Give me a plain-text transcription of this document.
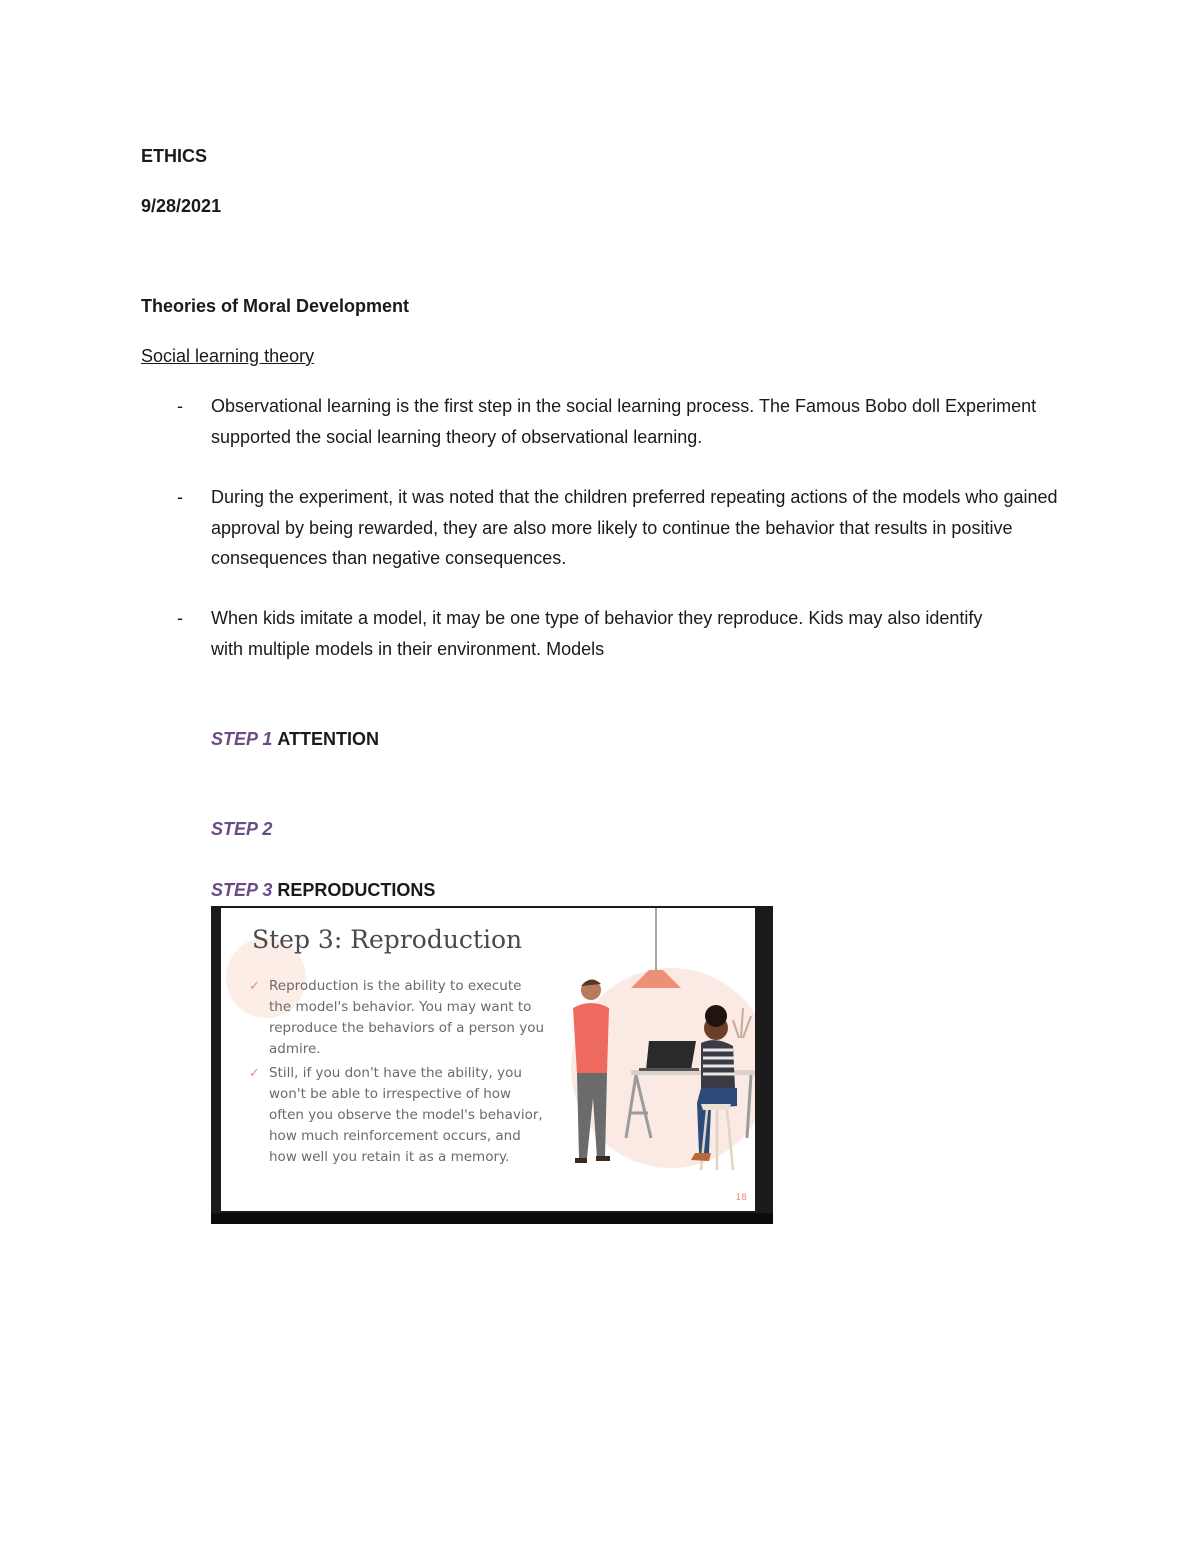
ETHICS
9/28/2021
Theories of Moral Development
Social learning theory
- Observational learning is the first step in the social learning process. The Famous Bobo doll Experiment supported the social learning theory of observational learning.
- During the experiment, it was noted that the children preferred repeating actions of the models who gained approval by being rewarded, they are also more likely to continue the behavior that results in positive consequences than negative consequences.
- When kids imitate a model, it may be one type of behavior they reproduce. Kids may also identify with multiple models in their environment. Models
STEP 1 ATTENTION
STEP 2
STEP 3 REPRODUCTIONS
Step 3: Reproduction
✓ Reproduction is the ability to execute the model's behavior. You may want to reproduce the behaviors of a person you admire.
✓ Still, if you don't have the ability, you won't be able to irrespective of how often you observe the model's behavior, how much reinforcement occurs, and how well you retain it as a memory.
18
